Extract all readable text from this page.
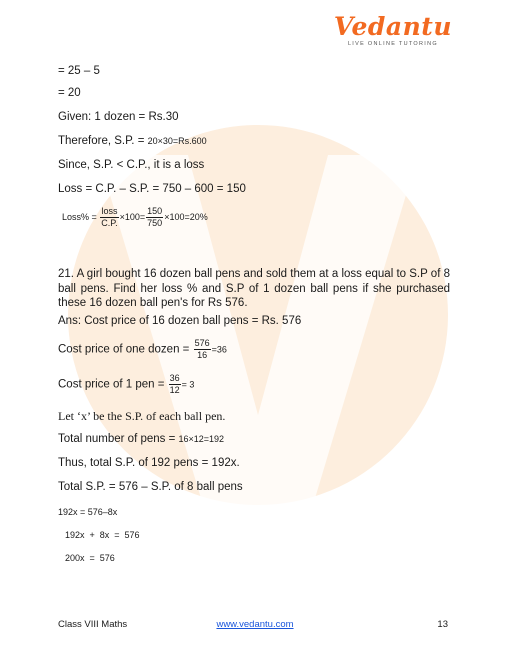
Vedantu
LIVE ONLINE TUTORING
= 25 – 5
= 20
Given: 1 dozen = Rs.30
Therefore, S.P. = 20×30=Rs.600
Since, S.P. < C.P., it is a loss
Loss = C.P. – S.P. = 750 – 600 = 150
Loss% = $\frac{\text{loss}}{C.P.} \times 100= \frac{150}{750} \times 100=20\%$
21. A girl bought 16 dozen ball pens and sold them at a loss equal to S.P of 8 ball pens. Find her loss % and S.P of 1 dozen ball pens if she purchased these 16 dozen ball pen's for Rs 576.
Ans: Cost price of 16 dozen ball pens = Rs. 576
Cost price of one dozen = $\frac{576}{16} =36$
Cost price of 1 pen = $\frac{36}{12} = 3$
Let ‘x’ be the S.P. of each ball pen.
Total number of pens = 16×12=192
Thus, total S.P. of 192 pens = 192x.
Total S.P. = 576 – S.P. of 8 ball pens
192x = 576–8x
192x  +  8x  =  576
200x  =  576
Class VIII Maths	www.vedantu.com	13
